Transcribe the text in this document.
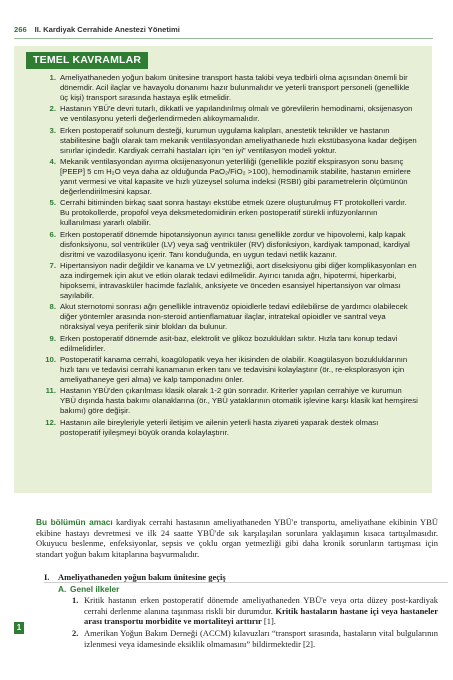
266 II. Kardiyak Cerrahide Anestezi Yönetimi
TEMEL KAVRAMLAR
1. Ameliyathaneden yoğun bakım ünitesine transport hasta takibi veya tedbirli olma açısından önemli bir dönemdir. Acil ilaçlar ve havayolu donanımı hazır bulunmalıdır ve yeterli transport personeli (genellikle üç kişi) transport sırasında hastaya eşlik etmelidir.
2. Hastanın YBÜ'e devri tutarlı, dikkatli ve yapılandırılmış olmalı ve görevlilerin hemodinami, oksijenasyon ve ventilasyonu yeterli değerlendirmeden alıkoymamalıdır.
3. Erken postoperatif solunum desteği, kurumun uygulama kalıpları, anestetik teknikler ve hastanın stabilitesine bağlı olarak tam mekanik ventilasyondan ameliyathanede hızlı ekstübasyona kadar değişen sınırlar içindedir. Kardiyak cerrahi hastaları için “en iyi” ventilasyon modeli yoktur.
4. Mekanik ventilasyondan ayırma oksijenasyonun yeterliliği (genellikle pozitif ekspirasyon sonu basınç [PEEP] 5 cm H₂O veya daha az olduğunda PaO₂/FiO₂ >100), hemodinamik stabilite, hastanın emirlere yanıt vermesi ve vital kapasite ve hızlı yüzeysel soluma indeksi (RSBI) gibi parametrelerin ölçümünün değerlendirilmesini kapsar.
5. Cerrahi bitiminden birkaç saat sonra hastayı ekstübe etmek üzere oluşturulmuş FT protokolleri vardır. Bu protokollerde, propofol veya deksmetedomidinin erken postoperatif sürekli infüzyonlarının kullanılması yararlı olabilir.
6. Erken postoperatif dönemde hipotansiyonun ayırıcı tanısı genellikle zordur ve hipovolemi, kalp kapak disfonksiyonu, sol ventriküler (LV) veya sağ ventriküler (RV) disfonksiyon, kardiyak tamponad, kardiyal disritmi ve vazodilasyonu içerir. Tanı konduğunda, en uygun tedavi netlik kazanır.
7. Hipertansiyon nadir değildir ve kanama ve LV yetmezliği, aort diseksiyonu gibi diğer komplikasyonları en aza indirgemek için akut ve etkin olarak tedavi edilmelidir. Ayırıcı tanıda ağrı, hipotermi, hiperkarbi, hipoksemi, intravasküler hacimde fazlalık, anksiyete ve önceden esansiyel hipertansiyon var olması sayılabilir.
8. Akut sternotomi sonrası ağrı genellikle intravenöz opioidlerle tedavi edilebilirse de yardımcı olabilecek diğer yöntemler arasında non-steroid antienflamatuar ilaçlar, intratekal opioidler ve santral veya nöraksiyal veya periferik sinir blokları da bulunur.
9. Erken postoperatif dönemde asit-baz, elektrolit ve glikoz bozuklukları sıktır. Hızla tanı konup tedavi edilmelidirler.
10. Postoperatif kanama cerrahi, koagülopatik veya her ikisinden de olabilir. Koagülasyon bozukluklarının hızlı tanı ve tedavisi cerrahi kanamanın erken tanı ve tedavisini kolaylaştırır (ör., re-eksplorasyon için ameliyathaneye geri alma) ve kalp tamponadını önler.
11. Hastanın YBÜ'den çıkarılması klasik olarak 1-2 gün sonradır. Kriterler yapılan cerrahiye ve kurumun YBÜ dışında hasta bakımı olanaklarına (ör., YBÜ yataklarının otomatik işlevine karşı klasik kat hemşiresi bakımı) göre değişir.
12. Hastanın aile bireyleriyle yeterli iletişim ve ailenin yeterli hasta ziyareti yaparak destek olması postoperatif iyileşmeyi büyük oranda kolaylaştırır.

Bu bölümün amacı kardiyak cerrahi hastasının ameliyathaneden YBÜ'e transportu, ameliyathane ekibinin YBÜ ekibine hastayı devretmesi ve ilk 24 saatte YBÜ'de sık karşılaşılan sorunlara yaklaşımın kısaca tartışılmasıdır. Okuyucu beslenme, enfeksiyonlar, sepsis ve çoklu organ yetmezliği gibi daha kronik sorunların tartışması için standart yoğun bakım kitaplarına başvurmalıdır.

I. Ameliyathaneden yoğun bakım ünitesine geçiş
A. Genel ilkeler
1. Kritik hastanın erken postoperatif dönemde ameliyathaneden YBÜ'e veya orta düzey post-kardiyak cerrahi derlenme alanına taşınması riskli bir durumdur. Kritik hastaların hastane içi veya hastaneler arası transportu morbidite ve mortaliteyi arttırır [1].
2. Amerikan Yoğun Bakım Derneği (ACCM) kılavuzları “transport sırasında, hastaların vital bulgularının izlenmesi veya idamesinde eksiklik olmamasını” bildirmektedir [2].
1
